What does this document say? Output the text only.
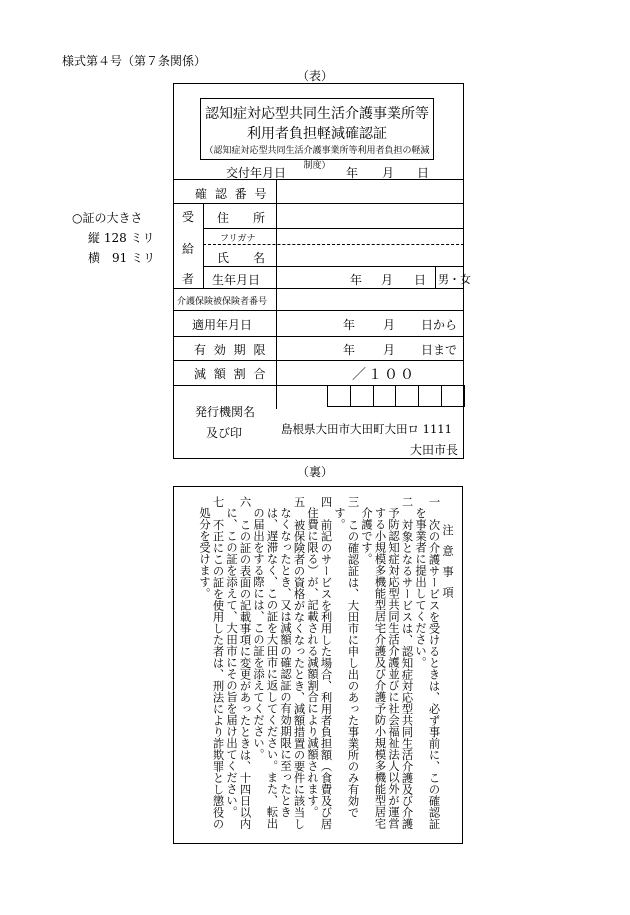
様式第４号（第７条関係）
（表）
○証の大きさ
縦 128 ミリ
横　91 ミリ
認知症対応型共同生活介護事業所等
利用者負担軽減確認証
（認知症対応型共同生活介護事業所等利用者負担の軽減制度）
交付年月日	年 月 日
確 認 番 号
受
給
者
住　　所
フリガナ
氏　　名
生年月日	年 月 日 男・女
介護保険被保険者番号
適用年月日	年 月 日から
有 効 期 限	年 月 日まで
減 額 割 合	／１００
発行機関名
及び印	島根県大田市大田町大田ロ 1111
大田市長
（裏）
注 意 事 項
一　次の介護サービスを受けるときは、必ず事前に、この確認証を事業者に提出してください。
二　対象となるサービスは、認知症対応型共同生活介護及び介護予防認知症対応型共同生活介護並びに社会福祉法人以外が運営する小規模多機能型居宅介護及び介護予防小規模多機能型居宅介護です。
三　この確認証は、大田市に申し出のあった事業所のみ有効です。
四　前記のサービスを利用した場合、利用者負担額（食費及び居住費に限る）が、記載される減額割合により減額されます。
五　被保険者の資格がなくなったとき、減額措置の要件に該当しなくなったとき、又は減額の確認証の有効期限に至ったときは、遅滞なく、この証を大田市に返してください。また、転出の届出をする際には、この証を添えてください。
六　この証の表面の記載事項に変更があったときは、十四日以内に、この証を添えて、大田市にその旨を届け出てください。
七　不正にこの証を使用した者は、刑法により詐欺罪とし懲役の処分を受けます。
